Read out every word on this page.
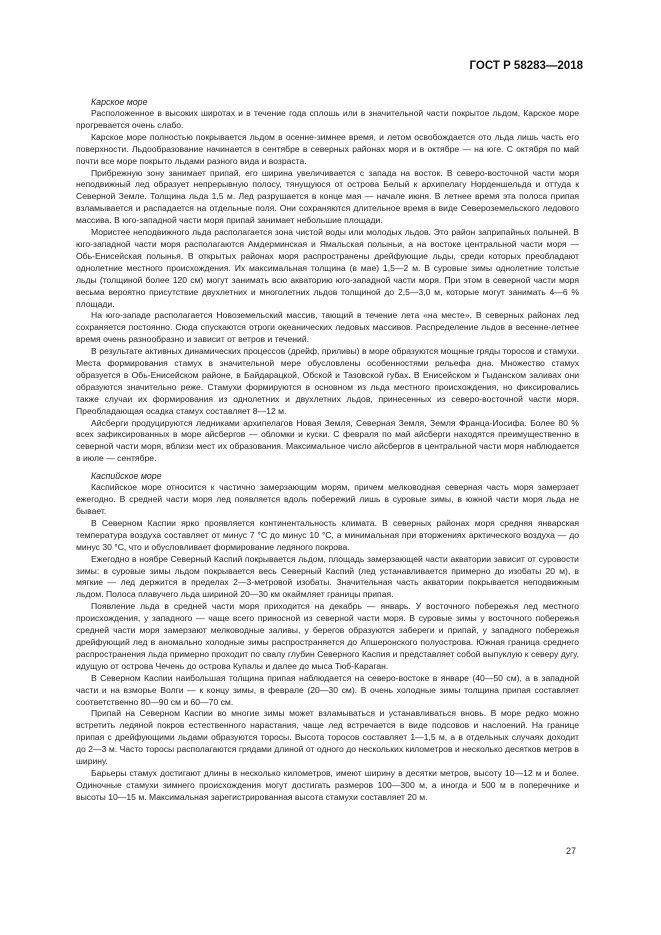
ГОСТ Р 58283—2018
Карское море

Расположенное в высоких широтах и в течение года сплошь или в значительной части покрытое льдом, Карское море прогревается очень слабо.

Карское море полностью покрывается льдом в осенне-зимнее время, и летом освобождается ото льда лишь часть его поверхности. Льдообразование начинается в сентябре в северных районах моря и в октябре — на юге. С октября по май почти все море покрыто льдами разного вида и возраста.

Прибрежную зону занимает припай, его ширина увеличивается с запада на восток. В северо-восточной части моря неподвижный лед образует непрерывную полосу, тянущуюся от острова Белый к архипелагу Норденшельда и оттуда к Северной Земле. Толщина льда 1,5 м. Лед разрушается в конце мая — начале июня. В летнее время эта полоса припая взламывается и распадается на отдельные поля. Они сохраняются длительное время в виде Североземельского ледового массива. В юго-западной части моря припай занимает небольшие площади.

Мористее неподвижного льда располагается зона чистой воды или молодых льдов. Это район заприпайных полыней. В юго-западной части моря располагаются Амдерминская и Ямальская полыньи, а на востоке центральной части моря — Обь-Енисейская полынья. В открытых районах моря распространены дрейфующие льды, среди которых преобладают однолетние местного происхождения. Их максимальная толщина (в мае) 1,5—2 м. В суровые зимы однолетние толстые льды (толщиной более 120 см) могут занимать всю акваторию юго-западной части моря. При этом в северной части моря весьма вероятно присутствие двухлетних и многолетних льдов толщиной до 2,5—3,0 м, которые могут занимать 4—6 % площади.

На юго-западе располагается Новоземельский массив, тающий в течение лета «на месте». В северных районах лед сохраняется постоянно. Сюда спускаются отроги океанических ледовых массивов. Распределение льдов в весенне-летнее время очень разнообразно и зависит от ветров и течений.

В результате активных динамических процессов (дрейф, приливы) в море образуются мощные гряды торосов и стамухи. Места формирования стамух в значительной мере обусловлены особенностями рельефа дна. Множество стамух образуется в Обь-Енисейском районе, в Байдарацкой, Обской и Тазовской губах. В Енисейском и Гыданском заливах они образуются значительно реже. Стамухи формируются в основном из льда местного происхождения, но фиксировались также случаи их формирования из однолетних и двухлетних льдов, принесенных из северо-восточной части моря. Преобладающая осадка стамух составляет 8—12 м.

Айсберги продуцируются ледниками архипелагов Новая Земля, Северная Земля, Земля Франца-Иосифа. Более 80 % всех зафиксированных в море айсбергов — обломки и куски. С февраля по май айсберги находятся преимущественно в северной части моря, вблизи мест их образования. Максимальное число айсбергов в центральной части моря наблюдается в июле — сентябре.

Каспийское море

Каспийское море относится к частично замерзающим морям, причем мелководная северная часть моря замерзает ежегодно. В средней части моря лед появляется вдоль побережий лишь в суровые зимы, в южной части моря льда не бывает.

В Северном Каспии ярко проявляется континентальность климата. В северных районах моря средняя январская температура воздуха составляет от минус 7 °С до минус 10 °С, а минимальная при вторжениях арктического воздуха — до минус 30 °С, что и обусловливает формирование ледяного покрова.

Ежегодно в ноябре Северный Каспий покрывается льдом, площадь замерзающей части акватории зависит от суровости зимы: в суровые зимы льдом покрывается весь Северный Каспий (лед устанавливается примерно до изобаты 20 м), в мягкие — лед держится в пределах 2—3-метровой изобаты. Значительная часть акватории покрывается неподвижным льдом. Полоса плавучего льда шириной 20—30 км окаймляет границы припая.

Появление льда в средней части моря приходится на декабрь — январь. У восточного побережья лед местного происхождения, у западного — чаще всего приносной из северной части моря. В суровые зимы у восточного побережья средней части моря замерзают мелководные заливы, у берегов образуются забереги и припай, у западного побережья дрейфующий лед в аномально холодные зимы распространяется до Апшеронского полуострова. Южная граница среднего распространения льда примерно проходит по свалу глубин Северного Каспия и представляет собой выпуклую к северу дугу, идущую от острова Чечень до острова Купалы и далее до мыса Тюб-Караган.

В Северном Каспии наибольшая толщина припая наблюдается на северо-востоке в январе (40—50 см), а в западной части и на взморье Волги — к концу зимы, в феврале (20—30 см). В очень холодные зимы толщина припая составляет соответственно 80—90 см и 60—70 см.

Припай на Северном Каспии во многие зимы может взламываться и устанавливаться вновь. В море редко можно встретить ледяной покров естественного нарастания, чаще лед встречается в виде подсовов и наслоений. На границе припая с дрейфующими льдами образуются торосы. Высота торосов составляет 1—1,5 м, а в отдельных случаях доходит до 2—3 м. Часто торосы располагаются грядами длиной от одного до нескольких километров и несколько десятков метров в ширину.

Барьеры стамух достигают длины в несколько километров, имеют ширину в десятки метров, высоту 10—12 м и более. Одиночные стамухи зимнего происхождения могут достигать размеров 100—300 м, а иногда и 500 м в поперечнике и высоты 10—15 м. Максимальная зарегистрированная высота стамухи составляет 20 м.

27
